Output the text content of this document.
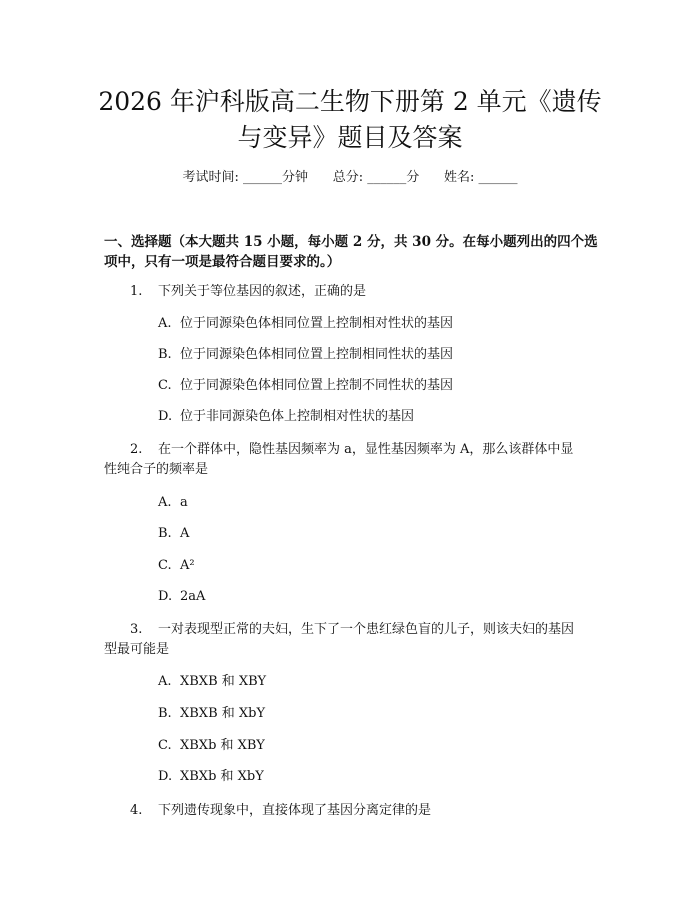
2026 年沪科版高二生物下册第 2 单元《遗传
与变异》题目及答案
考试时间: ______分钟      总分: ______分      姓名: ______
一、选择题（本大题共 15 小题，每小题 2 分，共 30 分。在每小题列出的四个选
项中，只有一项是最符合题目要求的。）
1. 下列关于等位基因的叙述，正确的是
A. 位于同源染色体相同位置上控制相对性状的基因
B. 位于同源染色体相同位置上控制相同性状的基因
C. 位于同源染色体相同位置上控制不同性状的基因
D. 位于非同源染色体上控制相对性状的基因
2. 在一个群体中，隐性基因频率为 a，显性基因频率为 A，那么该群体中显
性纯合子的频率是
A. a
B. A
C. A²
D. 2aA
3. 一对表现型正常的夫妇，生下了一个患红绿色盲的儿子，则该夫妇的基因
型最可能是
A. XBXB 和 XBY
B. XBXB 和 XbY
C. XBXb 和 XBY
D. XBXb 和 XbY
4. 下列遗传现象中，直接体现了基因分离定律的是
